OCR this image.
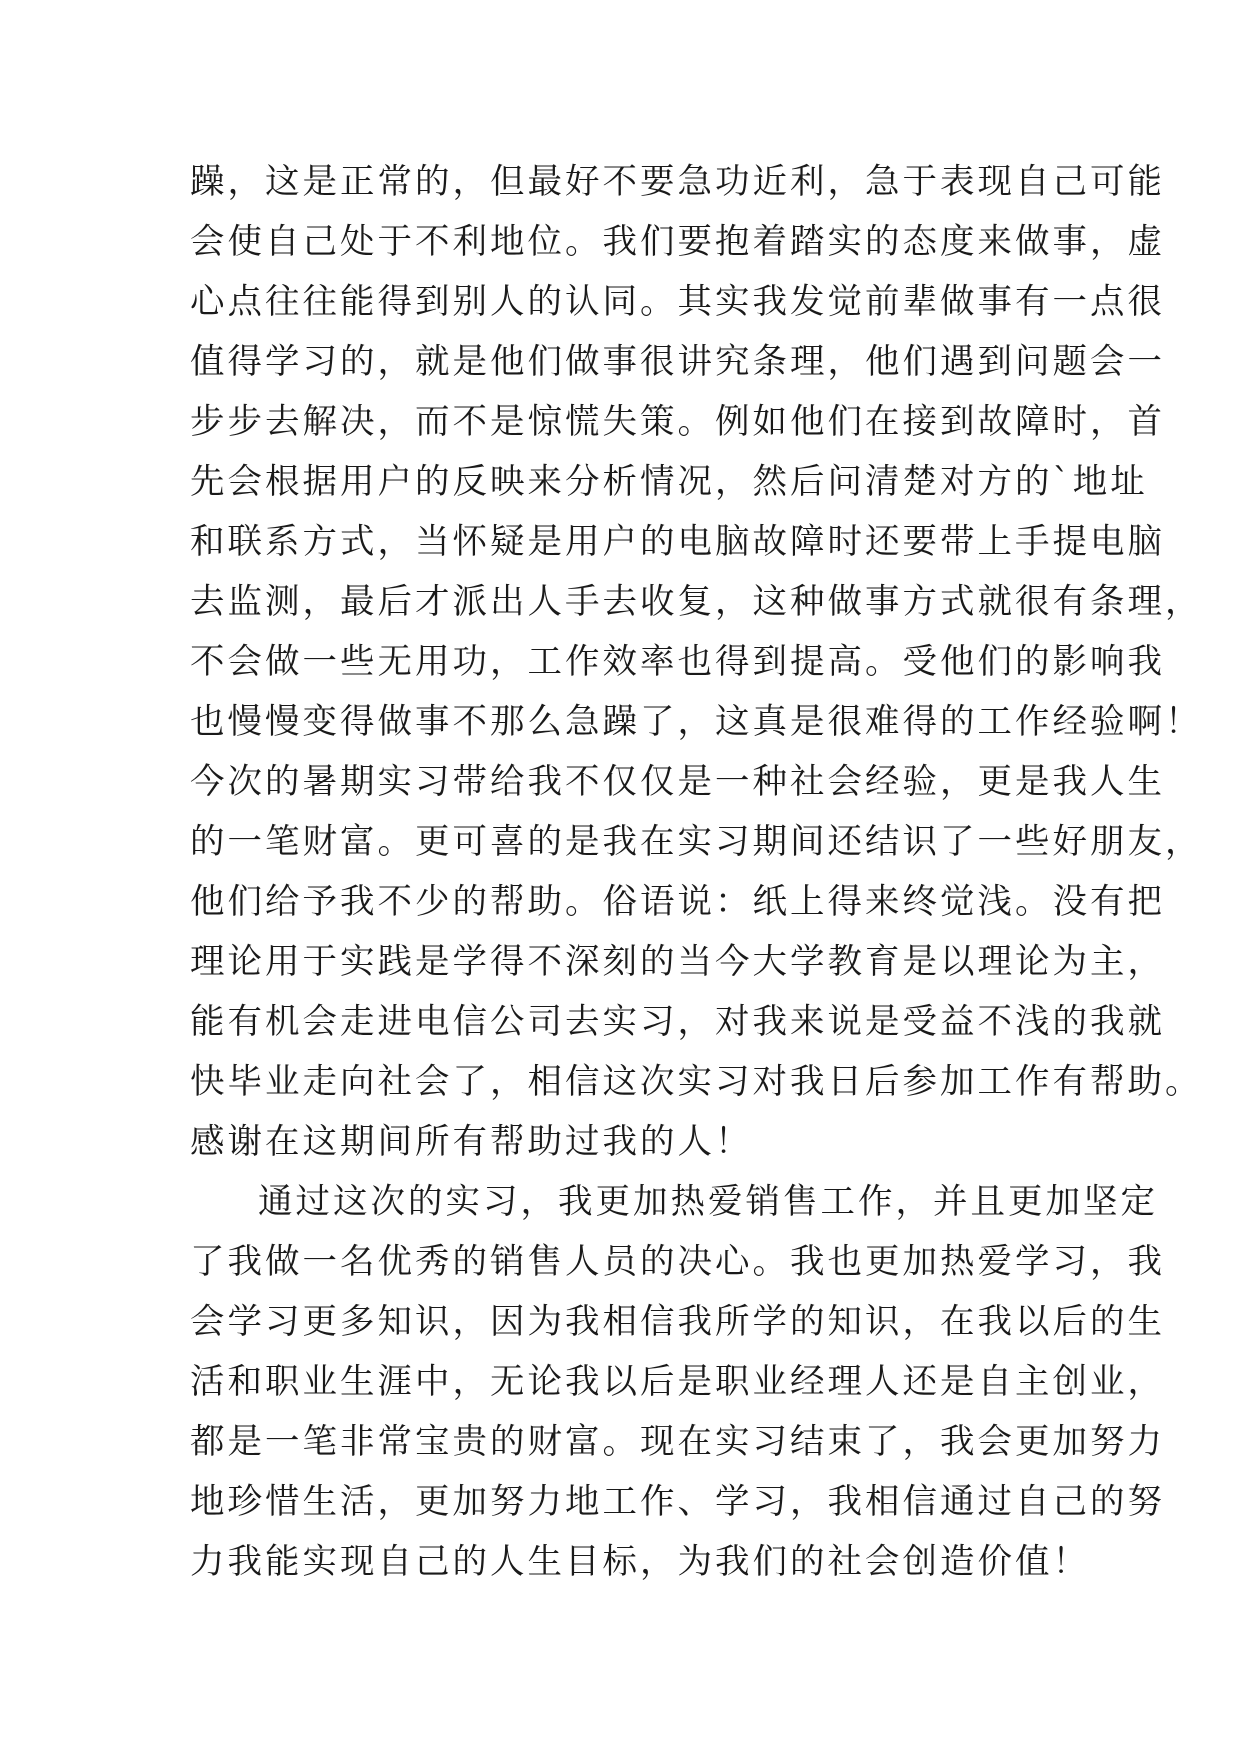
躁，这是正常的，但最好不要急功近利，急于表现自己可能
会使自己处于不利地位。我们要抱着踏实的态度来做事，虚
心点往往能得到别人的认同。其实我发觉前辈做事有一点很
值得学习的，就是他们做事很讲究条理，他们遇到问题会一
步步去解决，而不是惊慌失策。例如他们在接到故障时，首
先会根据用户的反映来分析情况，然后问清楚对方的`地址
和联系方式，当怀疑是用户的电脑故障时还要带上手提电脑
去监测，最后才派出人手去收复，这种做事方式就很有条理，
不会做一些无用功，工作效率也得到提高。受他们的影响我
也慢慢变得做事不那么急躁了，这真是很难得的工作经验啊！
今次的暑期实习带给我不仅仅是一种社会经验，更是我人生
的一笔财富。更可喜的是我在实习期间还结识了一些好朋友，
他们给予我不少的帮助。俗语说：纸上得来终觉浅。没有把
理论用于实践是学得不深刻的当今大学教育是以理论为主，
能有机会走进电信公司去实习，对我来说是受益不浅的我就
快毕业走向社会了，相信这次实习对我日后参加工作有帮助。
感谢在这期间所有帮助过我的人！
通过这次的实习，我更加热爱销售工作，并且更加坚定
了我做一名优秀的销售人员的决心。我也更加热爱学习，我
会学习更多知识，因为我相信我所学的知识，在我以后的生
活和职业生涯中，无论我以后是职业经理人还是自主创业，
都是一笔非常宝贵的财富。现在实习结束了，我会更加努力
地珍惜生活，更加努力地工作、学习，我相信通过自己的努
力我能实现自己的人生目标，为我们的社会创造价值！
